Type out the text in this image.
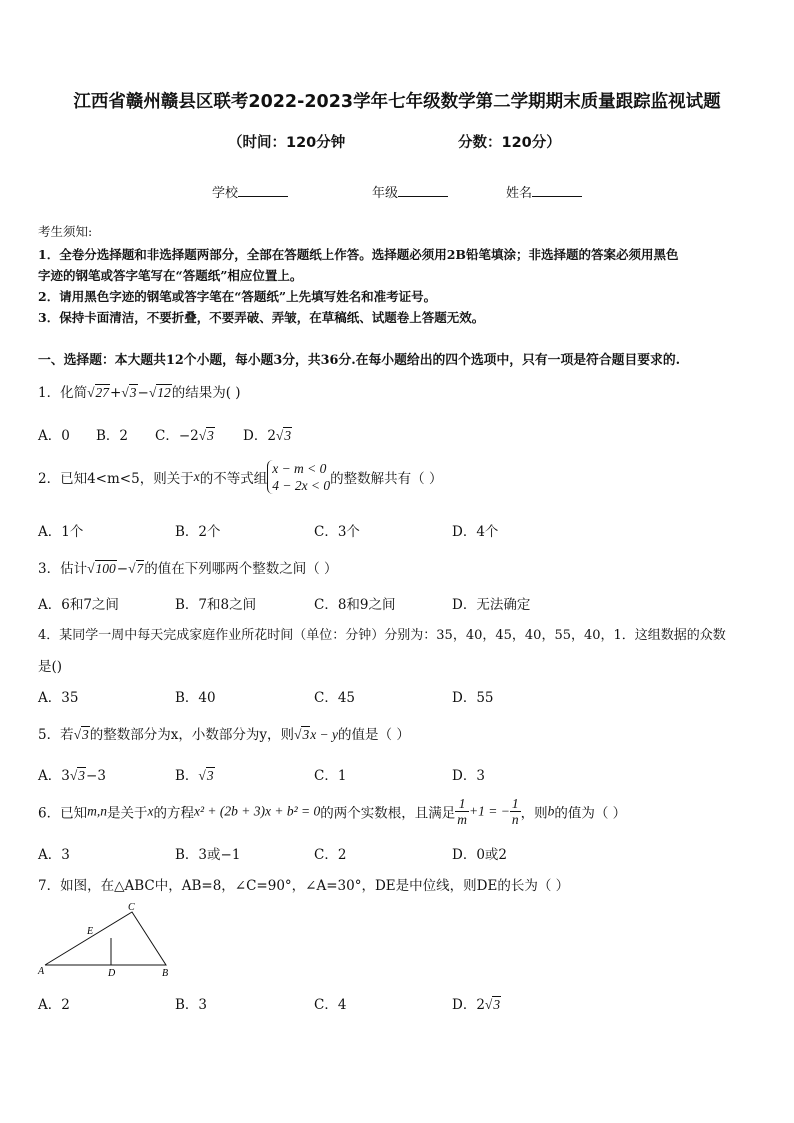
江西省赣州赣县区联考2022-2023学年七年级数学第二学期期末质量跟踪监视试题
（时间：120分钟	分数：120分）
学校	年级	姓名
考生须知:
1．全卷分选择题和非选择题两部分，全部在答题纸上作答。选择题必须用2B铅笔填涂；非选择题的答案必须用黑色
字迹的钢笔或答字笔写在“答题纸”相应位置上。
2．请用黑色字迹的钢笔或答字笔在“答题纸”上先填写姓名和准考证号。
3．保持卡面清洁，不要折叠，不要弄破、弄皱，在草稿纸、试题卷上答题无效。
一、选择题：本大题共12个小题，每小题3分，共36分.在每小题给出的四个选项中，只有一项是符合题目要求的.
1．化简√27+√3−√12的结果为( )
A．0 B．2 C．−2√3 D．2√3
2．已知4<m<5，则关于x的不等式组
x − m < 0
4 − 2x < 0 的整数解共有（ ）
A．1个	B．2个	C．3个	D．4个
3．估计√100−√7的值在下列哪两个整数之间（ ）
A．6和7之间	B．7和8之间	C．8和9之间	D．无法确定
4．某同学一周中每天完成家庭作业所花时间（单位：分钟）分别为：35，40，45，40，55，40，1．这组数据的众数
是()
A．35	B．40	C．45	D．55
5．若√3的整数部分为x，小数部分为y，则√3x − y的值是（ ）
A．3√3−3	B．√3	C．1	D．3
6．已知m,n是关于x的方程x² + (2b + 3)x + b² = 0的两个实数根，且满足 $\frac{1}{m} +1$ = − $\frac{1}{n}$ ，则b的值为（ ）
A．3	B．3或−1	C．2	D．0或2
7．如图，在△ABC中，AB=8，∠C=90°，∠A=30°，DE是中位线，则DE的长为（ ）
A	B
C
D
E
A．2	B．3	C．4	D．2√3
